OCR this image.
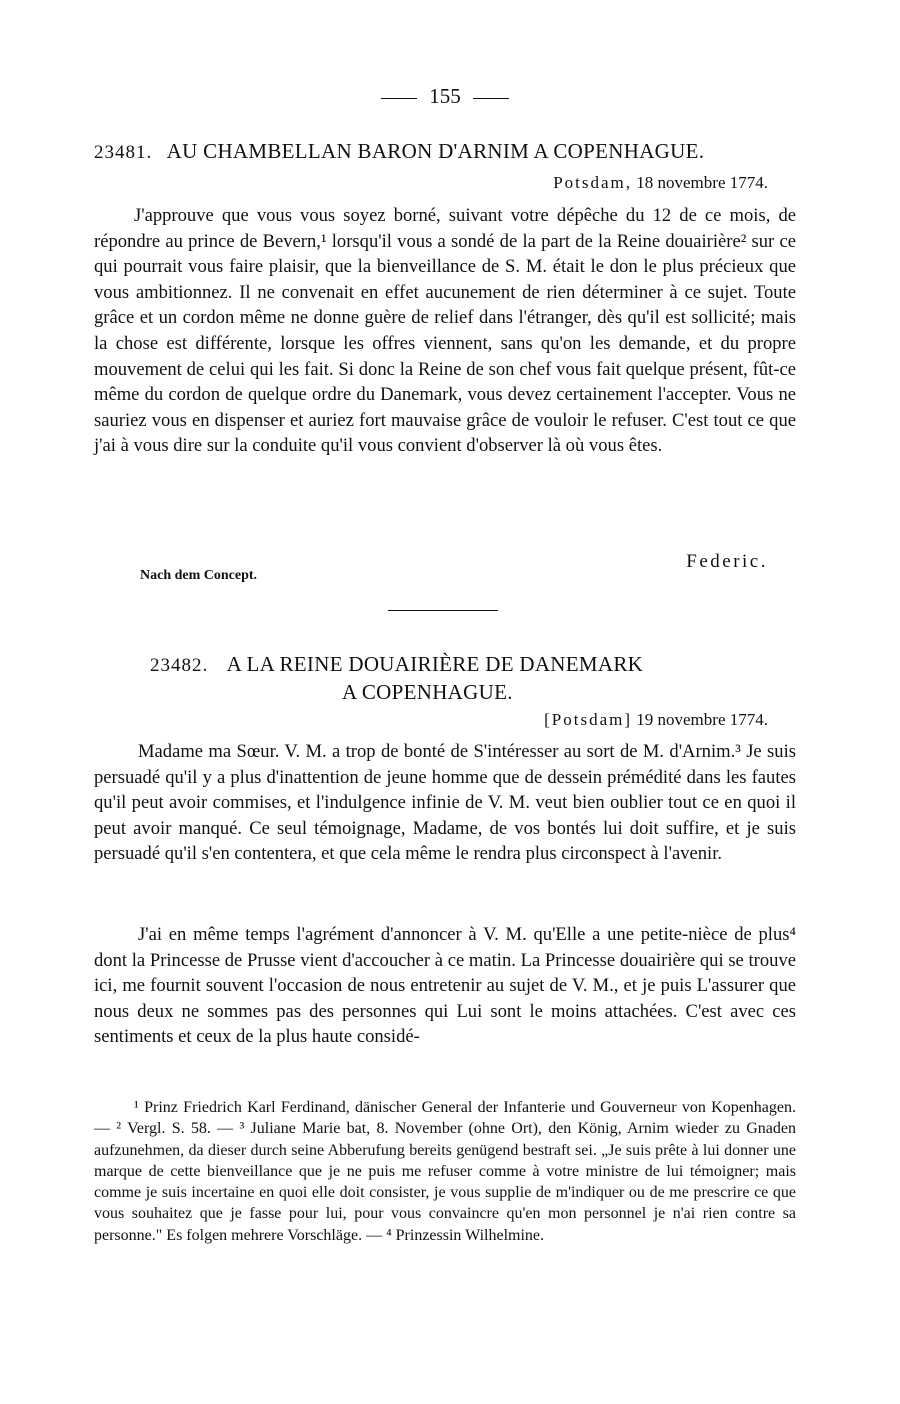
155
23481. AU CHAMBELLAN BARON D'ARNIM A COPENHAGUE.
Potsdam, 18 novembre 1774.

J'approuve que vous vous soyez borné, suivant votre dépêche du 12 de ce mois, de répondre au prince de Bevern,¹ lorsqu'il vous a sondé de la part de la Reine douairière² sur ce qui pourrait vous faire plaisir, que la bienveillance de S. M. était le don le plus précieux que vous ambitionnez. Il ne convenait en effet aucunement de rien déterminer à ce sujet. Toute grâce et un cordon même ne donne guère de relief dans l'étranger, dès qu'il est sollicité; mais la chose est différente, lorsque les offres viennent, sans qu'on les demande, et du propre mouvement de celui qui les fait. Si donc la Reine de son chef vous fait quelque présent, fût-ce même du cordon de quelque ordre du Danemark, vous devez certainement l'accepter. Vous ne sauriez vous en dispenser et auriez fort mauvaise grâce de vouloir le refuser. C'est tout ce que j'ai à vous dire sur la conduite qu'il vous convient d'observer là où vous êtes.

Federic.
Nach dem Concept.
23482. A LA REINE DOUAIRIÈRE DE DANEMARK
A COPENHAGUE.
[Potsdam] 19 novembre 1774.

Madame ma Sœur. V. M. a trop de bonté de S'intéresser au sort de M. d'Arnim.³ Je suis persuadé qu'il y a plus d'inattention de jeune homme que de dessein prémédité dans les fautes qu'il peut avoir commises, et l'indulgence infinie de V. M. veut bien oublier tout ce en quoi il peut avoir manqué. Ce seul témoignage, Madame, de vos bontés lui doit suffire, et je suis persuadé qu'il s'en contentera, et que cela même le rendra plus circonspect à l'avenir.

J'ai en même temps l'agrément d'annoncer à V. M. qu'Elle a une petite-nièce de plus⁴ dont la Princesse de Prusse vient d'accoucher à ce matin. La Princesse douairière qui se trouve ici, me fournit souvent l'occasion de nous entretenir au sujet de V. M., et je puis L'assurer que nous deux ne sommes pas des personnes qui Lui sont le moins attachées. C'est avec ces sentiments et ceux de la plus haute considé-

¹ Prinz Friedrich Karl Ferdinand, dänischer General der Infanterie und Gouverneur von Kopenhagen. — ² Vergl. S. 58. — ³ Juliane Marie bat, 8. November (ohne Ort), den König, Arnim wieder zu Gnaden aufzunehmen, da dieser durch seine Abberufung bereits genügend bestraft sei. „Je suis prête à lui donner une marque de cette bienveillance que je ne puis me refuser comme à votre ministre de lui témoigner; mais comme je suis incertaine en quoi elle doit consister, je vous supplie de m'indiquer ou de me prescrire ce que vous souhaitez que je fasse pour lui, pour vous convaincre qu'en mon personnel je n'ai rien contre sa personne." Es folgen mehrere Vorschläge. — ⁴ Prinzessin Wilhelmine.
